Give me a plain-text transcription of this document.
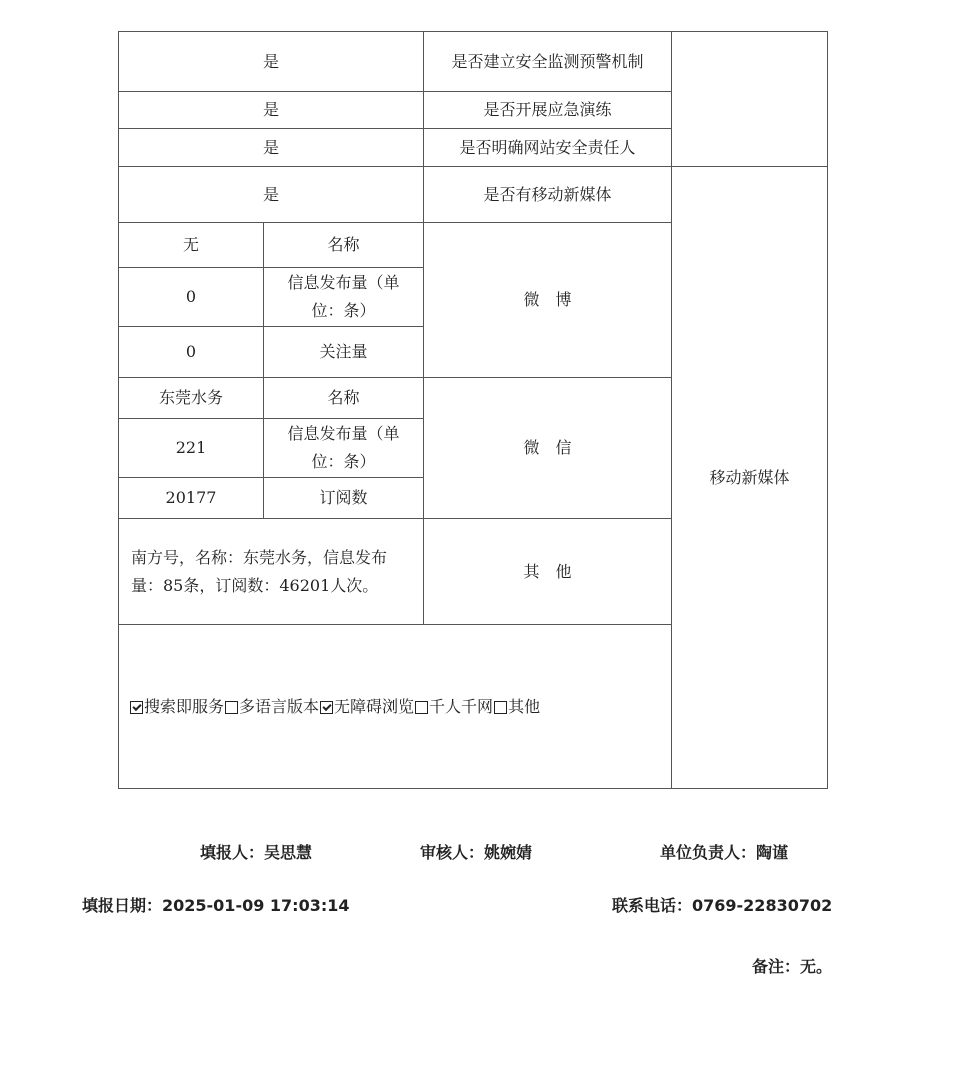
是		是否建立安全监测预警机制		
是		是否开展应急演练		
是		是否明确网站安全责任人		
是		是否有移动新媒体	移动新媒体	
无	名称	微　博		
0	信息发布量（单位：条）			
0	关注量			
东莞水务	名称	微　信		
221	信息发布量（单位：条）			
20177	订阅数			
南方号，名称：东莞水务，信息发布量：85条，订阅数：46201人次。		其　他		
搜索即服务 多语言版本 无障碍浏览 千人千网 其他	
填报人：吴思慧	审核人：姚婉婧	单位负责人：陶谨
填报日期：2025-01-09 17:03:14	联系电话：0769-22830702
备注：无。
